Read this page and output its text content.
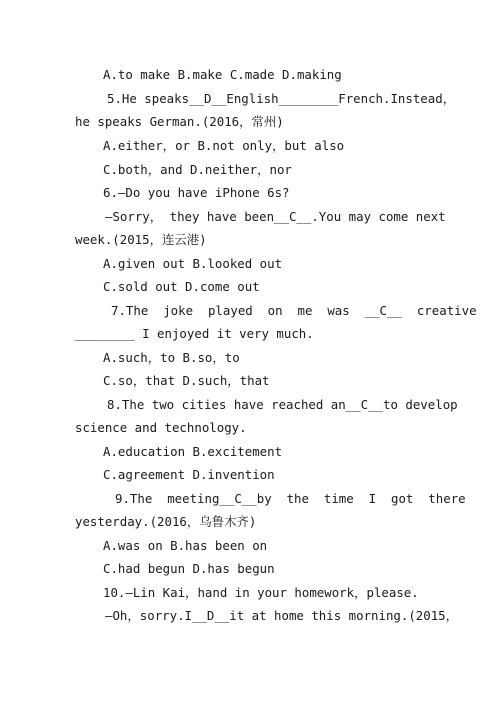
A.to make B.make C.made D.making
5.He speaks__D__English________French.Instead，
he speaks German.(2016，常州)
A.either，or B.not only，but also
C.both，and D.neither，nor
6.—Do you have iPhone 6s?
—Sorry， they have been__C__.You may come next
week.(2015，连云港)
A.given out B.looked out
C.sold out D.come out
7.The  joke  played  on  me  was  __C__  creative
________ I enjoyed it very much.
A.such，to B.so，to
C.so，that D.such，that
8.The two cities have reached an__C__to develop
science and technology.
A.education B.excitement
C.agreement D.invention
9.The  meeting__C__by  the  time  I  got  there
yesterday.(2016，乌鲁木齐)
A.was on B.has been on
C.had begun D.has begun
10.—Lin Kai，hand in your homework，please.
—Oh，sorry.I__D__it at home this morning.(2015，
